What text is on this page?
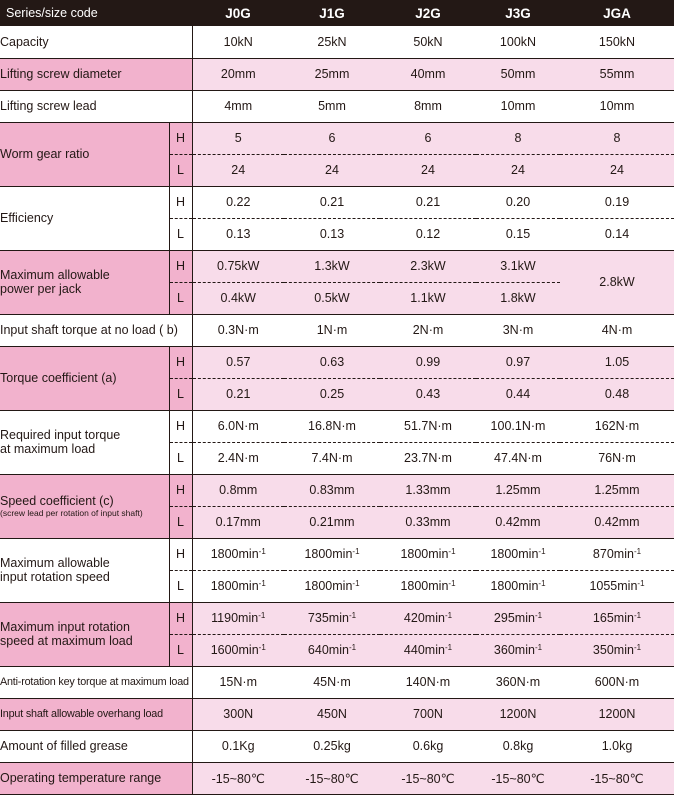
Series/size code		J0G	J1G	J2G	J3G	JGA
Capacity		10kN	25kN	50kN	100kN	150kN
Lifting screw diameter		20mm	25mm	40mm	50mm	55mm
Lifting screw lead		4mm	5mm	8mm	10mm	10mm
Worm gear ratio	H	5	6	6	8	8
	L	24	24	24	24	24
Efficiency	H	0.22	0.21	0.21	0.20	0.19
	L	0.13	0.13	0.12	0.15	0.14
Maximum allowable
power per jack	H	0.75kW	1.3kW	2.3kW	3.1kW	2.8kW
	L	0.4kW	0.5kW	1.1kW	1.8kW	
Input shaft torque at no load ( b)		0.3N·m	1N·m	2N·m	3N·m	4N·m
Torque coefficient (a)	H	0.57	0.63	0.99	0.97	1.05
	L	0.21	0.25	0.43	0.44	0.48
Required input torque
at maximum load	H	6.0N·m	16.8N·m	51.7N·m	100.1N·m	162N·m
	L	2.4N·m	7.4N·m	23.7N·m	47.4N·m	76N·m
Speed coefficient (c)
(screw lead per rotation of input shaft)	H	0.8mm	0.83mm	1.33mm	1.25mm	1.25mm
	L	0.17mm	0.21mm	0.33mm	0.42mm	0.42mm
Maximum allowable
input rotation speed	H	$1800\min^{-1}$	$1800\min^{-1}$	$1800\min^{-1}$	$1800\min^{-1}$	$870\min^{-1}$
	L	$1800\min^{-1}$	$1800\min^{-1}$	$1800\min^{-1}$	$1800\min^{-1}$	$1055\min^{-1}$
Maximum input rotation
speed at maximum load	H	$1190\min^{-1}$	$735\min^{-1}$	$420\min^{-1}$	$295\min^{-1}$	$165\min^{-1}$
	L	$1600\min^{-1}$	$640\min^{-1}$	$440\min^{-1}$	$360\min^{-1}$	$350\min^{-1}$
Anti-rotation key torque at maximum load		15N·m	45N·m	140N·m	360N·m	600N·m
Input shaft allowable overhang load		300N	450N	700N	1200N	1200N
Amount of filled grease		0.1Kg	0.25kg	0.6kg	0.8kg	1.0kg
Operating temperature range		-15~80℃	-15~80℃	-15~80℃	-15~80℃	-15~80℃
